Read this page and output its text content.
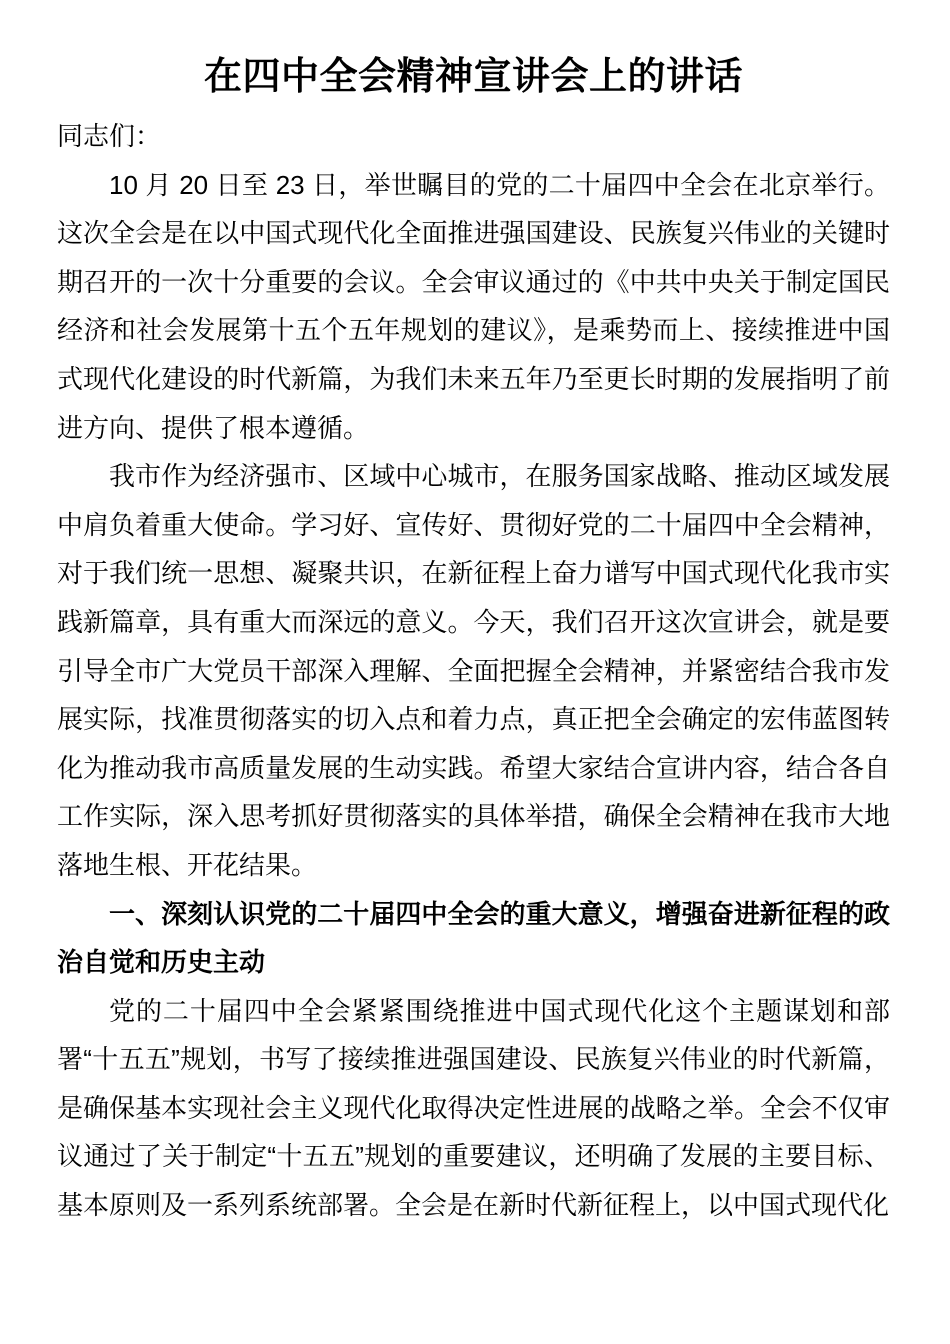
在四中全会精神宣讲会上的讲话

同志们：

10 月 20 日至 23 日，举世瞩目的党的二十届四中全会在北京举行。这次全会是在以中国式现代化全面推进强国建设、民族复兴伟业的关键时期召开的一次十分重要的会议。全会审议通过的《中共中央关于制定国民经济和社会发展第十五个五年规划的建议》，是乘势而上、接续推进中国式现代化建设的时代新篇，为我们未来五年乃至更长时期的发展指明了前进方向、提供了根本遵循。

我市作为经济强市、区域中心城市，在服务国家战略、推动区域发展中肩负着重大使命。学习好、宣传好、贯彻好党的二十届四中全会精神，对于我们统一思想、凝聚共识，在新征程上奋力谱写中国式现代化我市实践新篇章，具有重大而深远的意义。今天，我们召开这次宣讲会，就是要引导全市广大党员干部深入理解、全面把握全会精神，并紧密结合我市发展实际，找准贯彻落实的切入点和着力点，真正把全会确定的宏伟蓝图转化为推动我市高质量发展的生动实践。希望大家结合宣讲内容，结合各自工作实际，深入思考抓好贯彻落实的具体举措，确保全会精神在我市大地落地生根、开花结果。

一、深刻认识党的二十届四中全会的重大意义，增强奋进新征程的政治自觉和历史主动

党的二十届四中全会紧紧围绕推进中国式现代化这个主题谋划和部署“十五五”规划，书写了接续推进强国建设、民族复兴伟业的时代新篇，是确保基本实现社会主义现代化取得决定性进展的战略之举。全会不仅审议通过了关于制定“十五五”规划的重要建议，还明确了发展的主要目标、基本原则及一系列系统部署。全会是在新时代新征程上，以中国式现代化
